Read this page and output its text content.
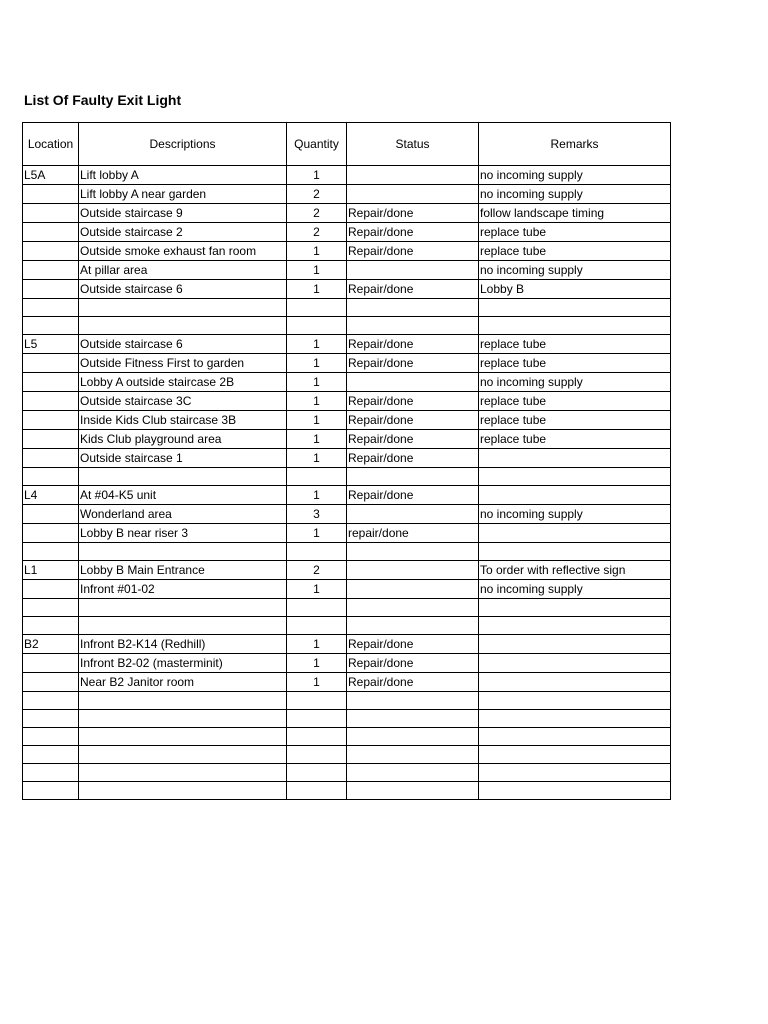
List Of Faulty Exit Light
Location	Descriptions	Quantity	Status	Remarks
L5A	Lift lobby A	1		no incoming supply
	Lift lobby A near garden	2		no incoming supply
	Outside staircase 9	2	Repair/done	follow landscape timing
	Outside staircase 2	2	Repair/done	replace tube
	Outside smoke exhaust fan room	1	Repair/done	replace tube
	At pillar area	1		no incoming supply
	Outside staircase 6	1	Repair/done	Lobby B

L5	Outside staircase 6	1	Repair/done	replace tube
	Outside Fitness First to garden	1	Repair/done	replace tube
	Lobby A outside staircase 2B	1		no incoming supply
	Outside staircase 3C	1	Repair/done	replace tube
	Inside Kids Club staircase 3B	1	Repair/done	replace tube
	Kids Club playground area	1	Repair/done	replace tube
	Outside staircase 1	1	Repair/done	

L4	At #04-K5 unit	1	Repair/done	
	Wonderland area	3		no incoming supply
	Lobby B near riser 3	1	repair/done	

L1	Lobby B Main Entrance	2		To order with reflective sign
	Infront #01-02	1		no incoming supply

B2	Infront B2-K14 (Redhill)	1	Repair/done	
	Infront B2-02 (masterminit)	1	Repair/done	
	Near B2 Janitor room	1	Repair/done	
